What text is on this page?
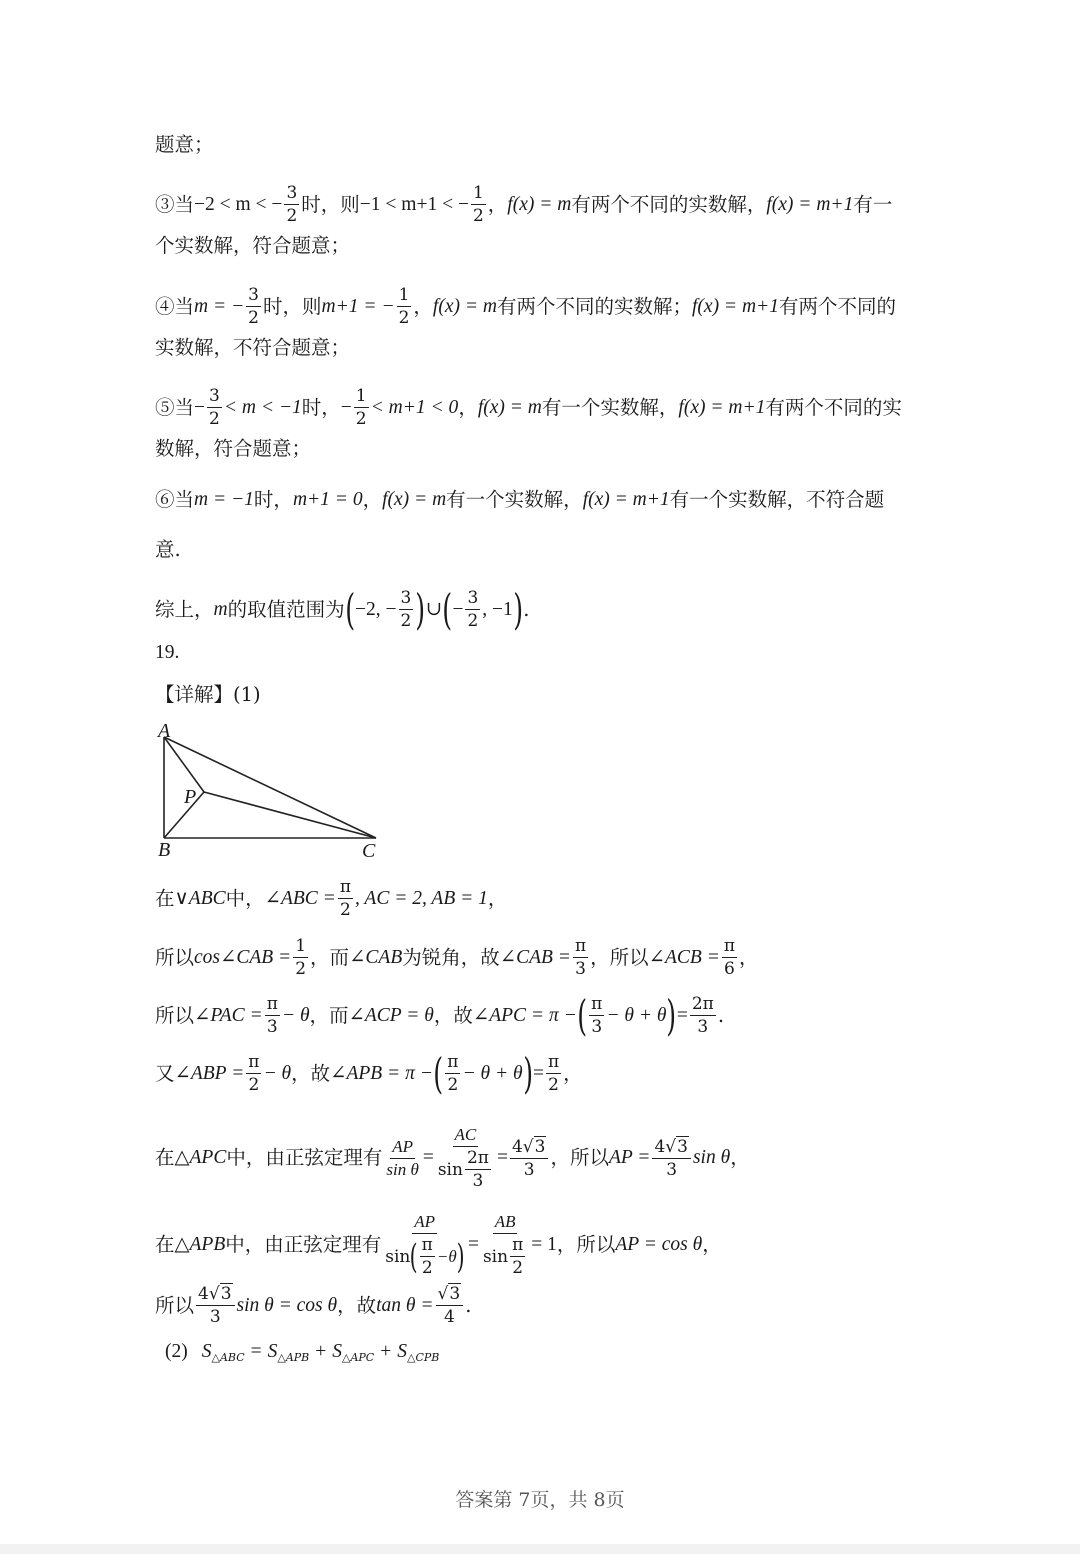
题意；
③当 −2 < m < − $\frac{3}{2}$ 时，则 −1 < m+1 < − $\frac{1}{2}$ ， f(x) = m 有两个不同的实数解， f(x) = m+1 有一
个实数解，符合题意；
④当 m = − $\frac{3}{2}$ 时，则 m+1 = − $\frac{1}{2}$ ， f(x) = m 有两个不同的实数解； f(x) = m+1 有两个不同的
实数解，不符合题意；
⑤当 − $\frac{3}{2} < m < -1$ 时， − $\frac{1}{2} < m+1 < 0$ ， f(x) = m 有一个实数解， f(x) = m+1 有两个不同的实
数解，符合题意；
⑥当 m = −1 时， m+1 = 0 ， f(x) = m 有一个实数解， f(x) = m+1 有一个实数解，不符合题
意.
综上， m 的取值范围为 ( −2, − $\frac{3}{2}$ ) ∪ ( − $\frac{3}{2}$ , −1 ) .
19.
【详解】(1)
A
B	C
P
在 ∨ABC 中， ∠ABC = $\frac{\pi}{2}$ , AC = 2, AB = 1 ，
所以 cos∠CAB = $\frac{1}{2}$ ，而 ∠CAB 为锐角，故 ∠CAB = $\frac{\pi}{3}$ ，所以 ∠ACB = $\frac{\pi}{6}$ ，
所以 ∠PAC = $\frac{\pi}{3} - \theta$ ，而 ∠ACP = θ ，故 ∠APC = π − ( $\frac{\pi}{3} - \theta + \theta$ ) = $\frac{2\pi}{3}$ .
又 ∠ABP = $\frac{\pi}{2} - \theta$ ，故 ∠APB = π − ( $\frac{\pi}{2} - \theta + \theta$ ) = $\frac{\pi}{2}$ ，
在 △APC 中，由正弦定理有 $\frac{AP}{\text{sin θ}} = \frac{AC}{\sin \frac{2\pi}{3}} = \frac{4√3}{3}$ ，所以 AP = $\frac{4√3}{3}$ sin θ ，
在 △APB 中，由正弦定理有 $\frac{AP}{\sin ( \frac{\pi}{2} -\theta )} = \frac{AB}{\sin \frac{\pi}{2}} = 1$ ，所以 AP = cos θ ，
所以 $\frac{4√3}{3}$ sin θ = cos θ ，故 $\tan \theta = \frac{√3}{4}$ .
(2) S △ABC = S △APB + S △APC + S △CPB
答案第 7页，共 8页
